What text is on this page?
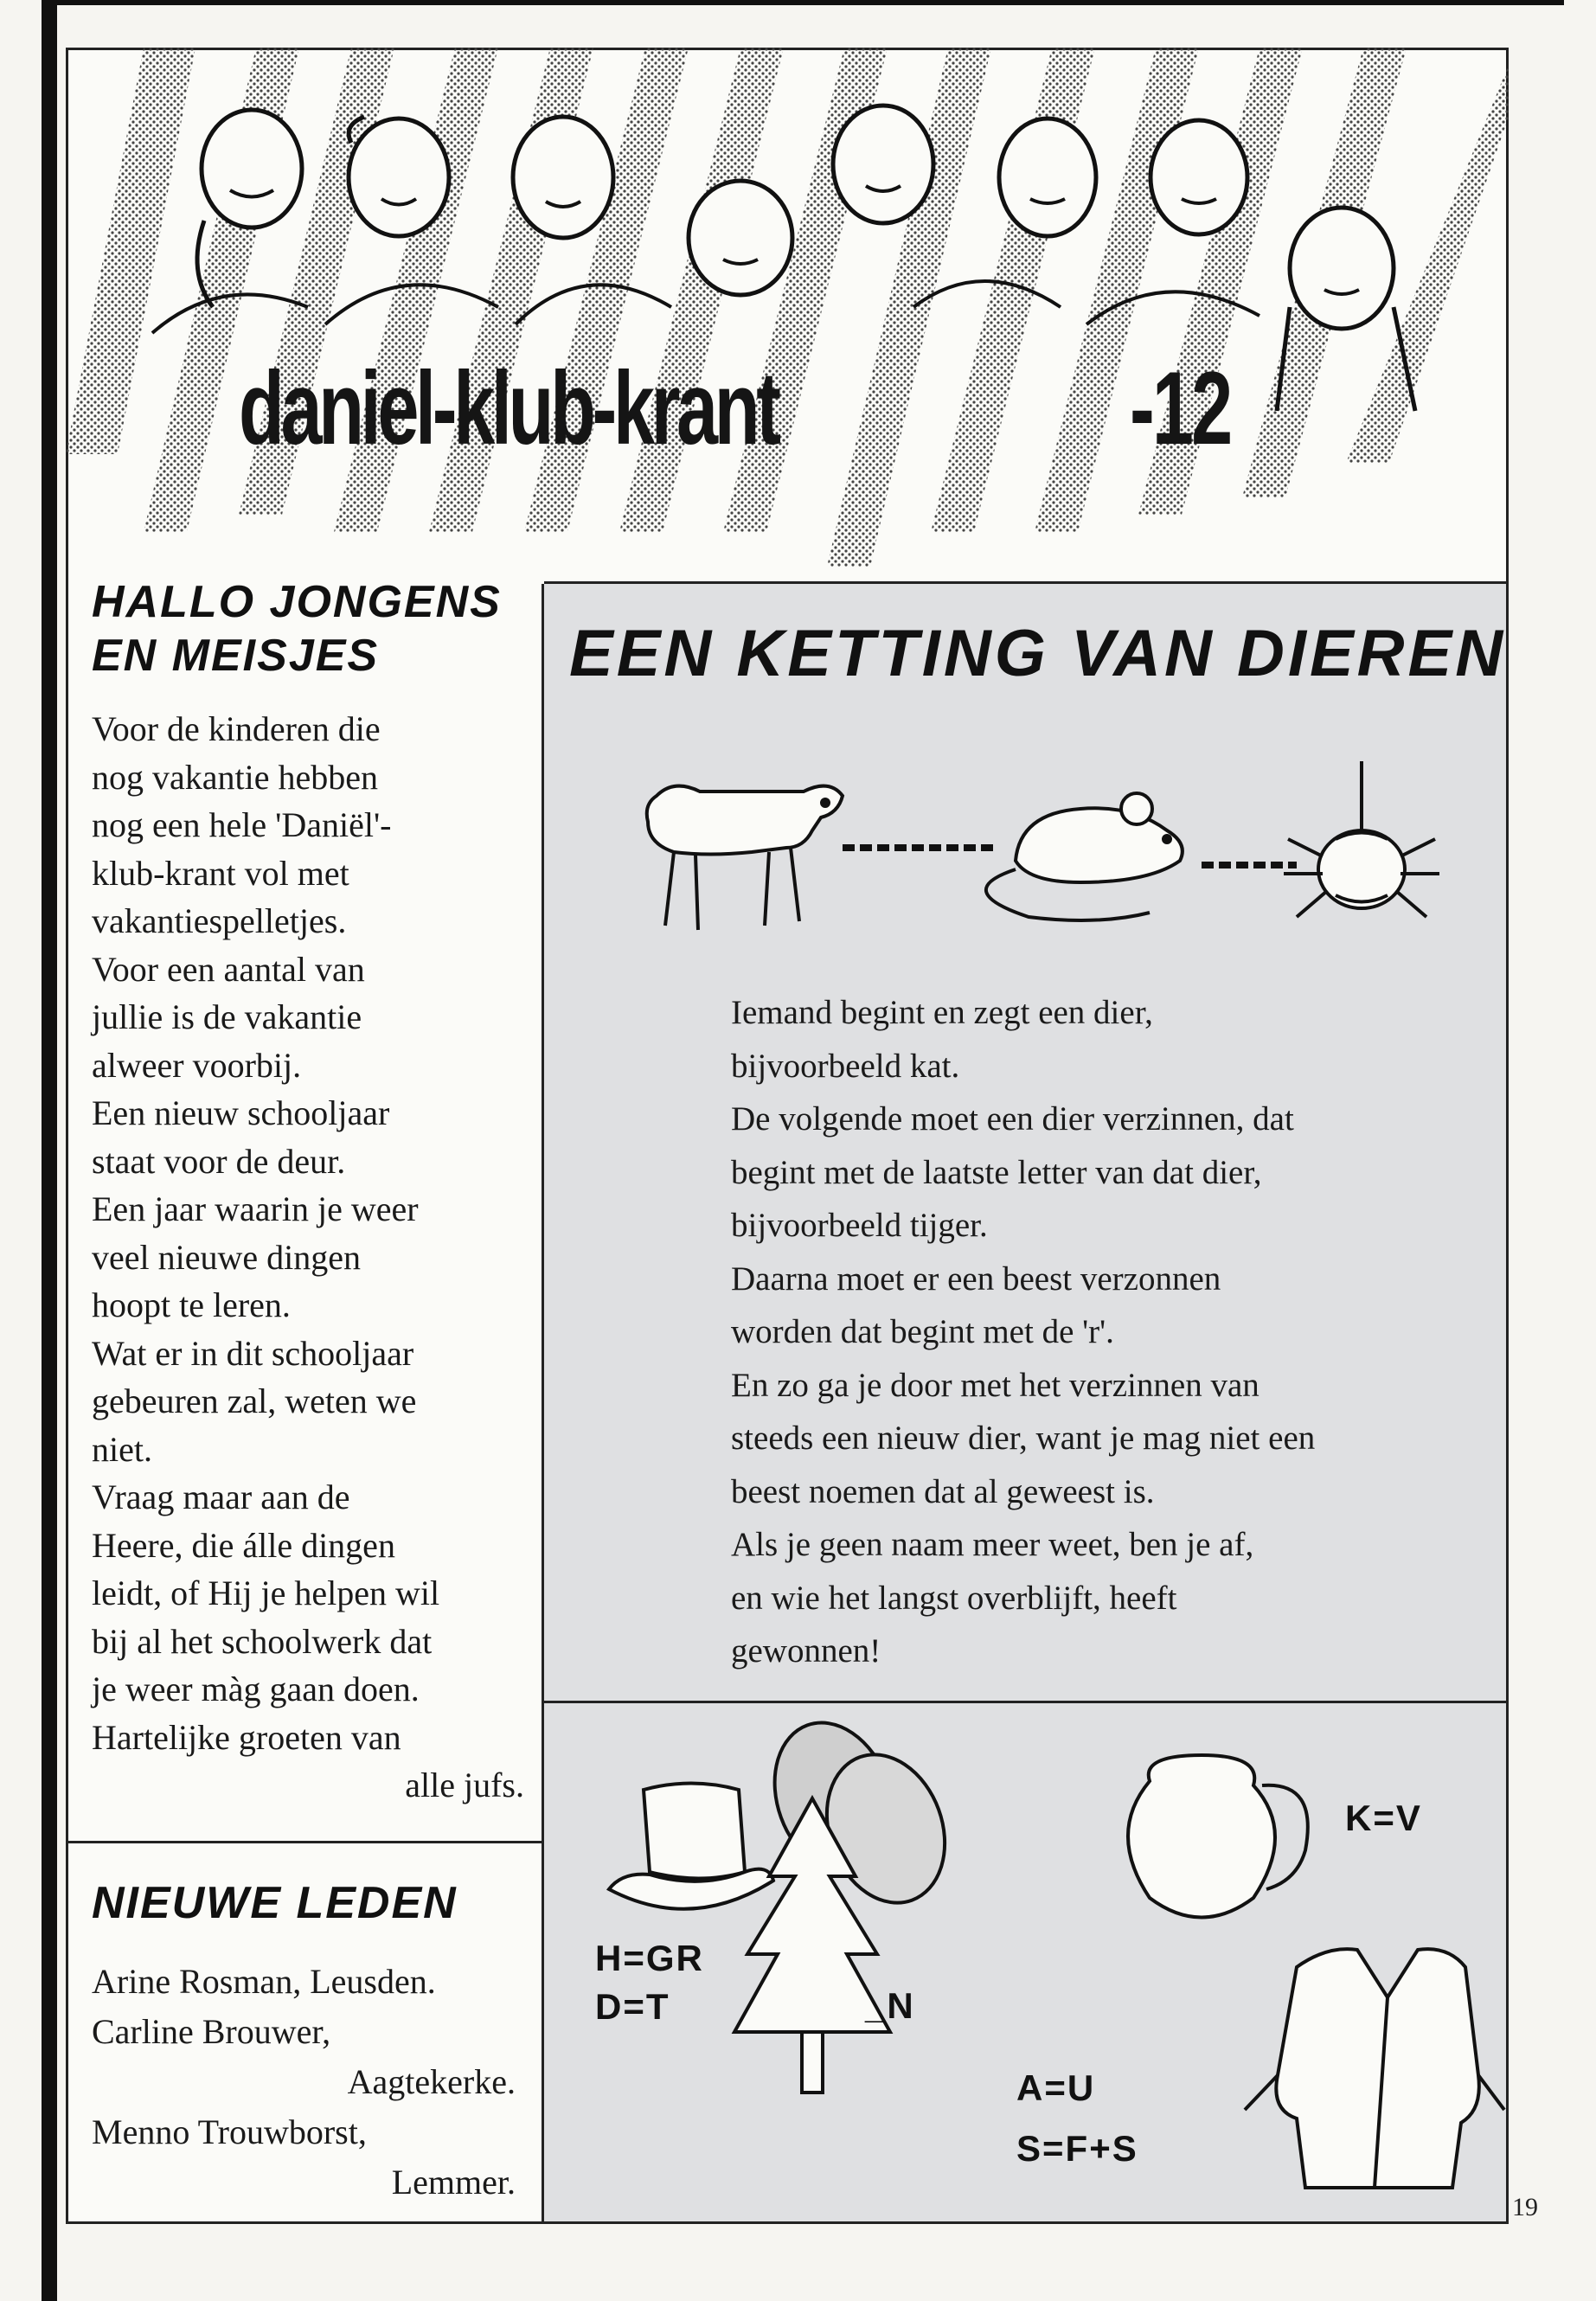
daniel-klub-krant	-12
HALLO JONGENS
EN MEISJES

Voor de kinderen die

nog vakantie hebben

nog een hele 'Daniël'-

klub-krant vol met

vakantiespelletjes.

Voor een aantal van

jullie is de vakantie

alweer voorbij.

Een nieuw schooljaar

staat voor de deur.

Een jaar waarin je weer

veel nieuwe dingen

hoopt te leren.

Wat er in dit schooljaar

gebeuren zal, weten we

niet.

Vraag maar aan de

Heere, die álle dingen

leidt, of Hij je helpen wil

bij al het schoolwerk dat

je weer màg gaan doen.

Hartelijke groeten van

alle jufs.

EEN KETTING VAN DIEREN

Iemand begint en zegt een dier,

bijvoorbeeld kat.

De volgende moet een dier verzinnen, dat

begint met de laatste letter van dat dier,

bijvoorbeeld tijger.

Daarna moet er een beest verzonnen

worden dat begint met de 'r'.

En zo ga je door met het verzinnen van

steeds een nieuw dier, want je mag niet een

beest noemen dat al geweest is.

Als je geen naam meer weet, ben je af,

en wie het langst overblijft, heeft

gewonnen!

K=V
H=GR
D=T	_N
A=U
S=F+S
NIEUWE LEDEN

Arine Rosman, Leusden.

Carline Brouwer,

Aagtekerke.

Menno Trouwborst,

Lemmer.

19
